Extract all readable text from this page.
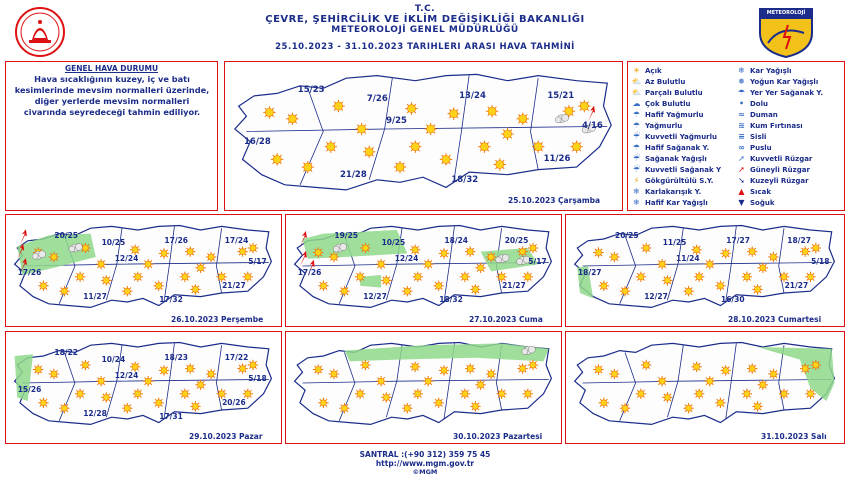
T.C.
ÇEVRE, ŞEHİRCİLİK VE İKLİM DEĞİŞİKLİĞİ BAKANLIĞI
METEOROLOJİ GENEL MÜDÜRLÜĞÜ
25.10.2023 - 31.10.2023 TARIHLERI ARASI HAVA TAHMİNİ
METEOROLOJİ
GENEL HAVA DURUMU
Hava sıcaklığının kuzey, iç ve batı kesimlerinde mevsim normalleri üzerinde, diğer yerlerde mevsim normalleri civarında seyredeceği tahmin ediliyor.
25.10.2023 Çarşamba
15/23
7/26	13/24	15/21
9/25
4/16
16/28
11/26
21/28
18/32
☀ Açık
⛅ Az Bulutlu
⛅ Parçalı Bulutlu
☁ Çok Bulutlu
☂ Hafif Yağmurlu
☂ Yağmurlu
☔ Kuvvetli Yağmurlu
☂ Hafif Sağanak Y.
☔ Sağanak Yağışlı
☔ Kuvvetli Sağanak Y
⚡ Gökgürültülü S.Y.
❄ Karlakarışık Y.
❄ Hafif Kar Yağışlı
❄ Kar Yağışlı
❅ Yoğun Kar Yağışlı
☂ Yer Yer Sağanak Y.
• Dolu
≈ Duman
≋ Kum Fırtınası
≡ Sisli
∞ Puslu
➚ Kuvvetli Rüzgar
➚ Güneyli Rüzgar
➘ Kuzeyli Rüzgar
▲ Sıcak
▼ Soğuk
26.10.2023 Perşembe
20/25
10/25	17/26	17/24
12/24	5/17
17/26
21/27
11/27	17/32
27.10.2023 Cuma
19/25
10/25	18/24	20/25
12/24	5/17
17/26
21/27
12/27	18/32
28.10.2023 Cumartesi
20/25
11/25	17/27	18/27
11/24	5/18
18/27
21/27
12/27	16/30
29.10.2023 Pazar
18/22
10/24	18/23	17/22
12/24	5/18
15/26
20/26
12/28	17/31
30.10.2023 Pazartesi	31.10.2023 Salı
SANTRAL :(+90 312) 359 75 45
http://www.mgm.gov.tr
©MGM
